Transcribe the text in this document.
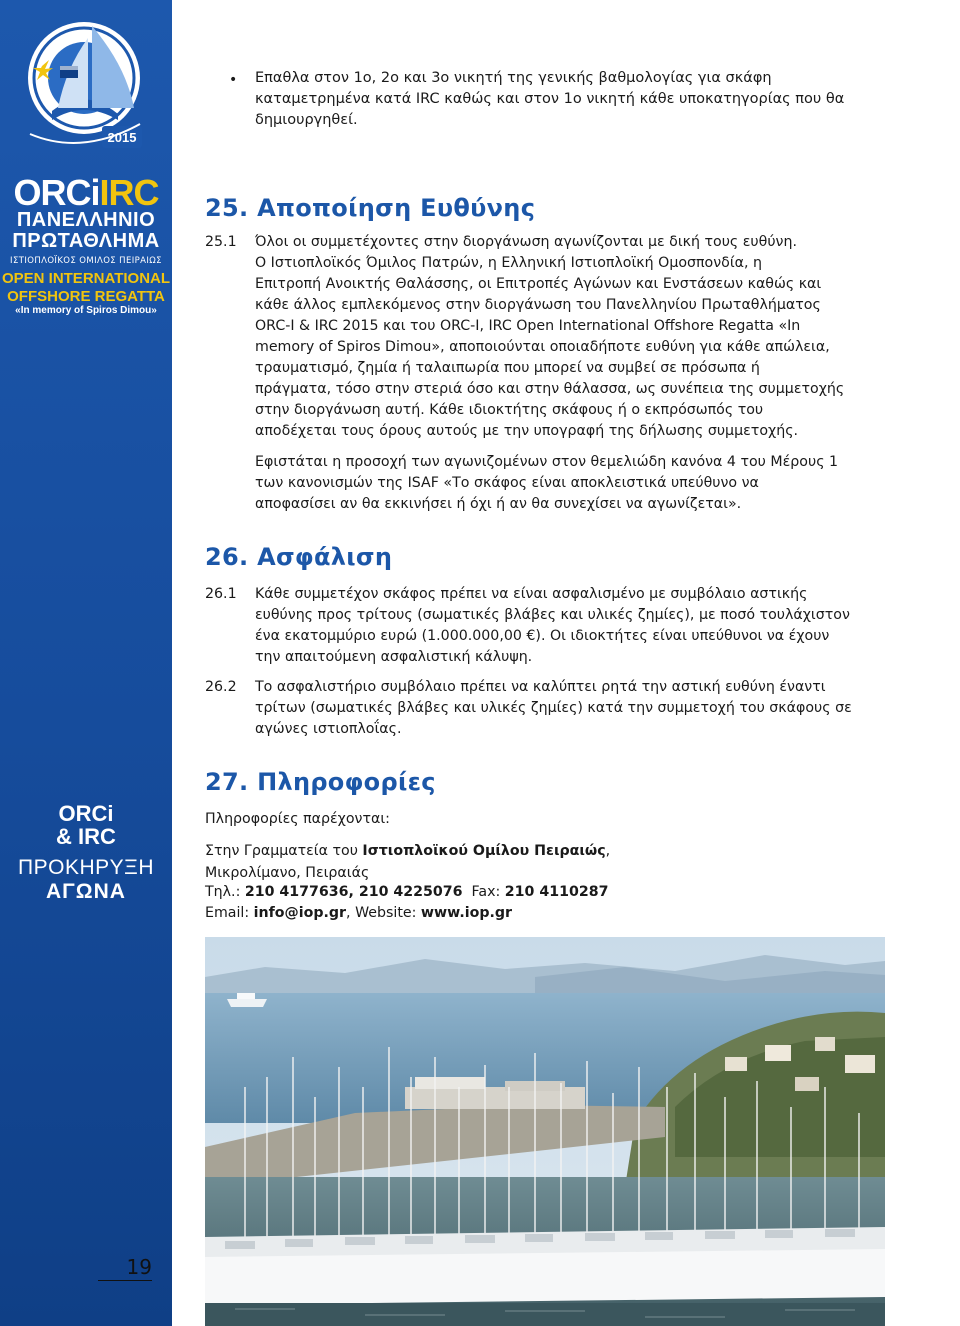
2015
ORCiIRC
ΠΑΝΕΛΛΗΝΙΟ
ΠΡΩΤΑΘΛΗΜΑ
ΙΣΤΙΟΠΛΟΪΚΟΣ ΟΜΙΛΟΣ ΠΕΙΡΑΙΩΣ
OPEN INTERNATIONAL
OFFSHORE REGATTA
«In memory of Spiros Dimou»
ORCi
& IRC
ΠΡΟΚΗΡΥΞΗ
ΑΓΩΝΑ
19
• Επαθλα στον 1ο, 2ο και 3ο νικητή της γενικής βαθμολογίας για σκάφη
καταμετρημένα κατά IRC καθώς και στον 1ο νικητή κάθε υποκατηγορίας που θα
δημιουργηθεί.
25. Αποποίηση Ευθύνης
25.1	Όλοι οι συμμετέχοντες στην διοργάνωση αγωνίζονται με δική τους ευθύνη.
Ο Ιστιοπλοϊκός Όμιλος Πατρών, η Ελληνική Ιστιοπλοϊκή Ομοσπονδία, η
Επιτροπή Ανοικτής Θαλάσσης, οι Επιτροπές Αγώνων και Ενστάσεων καθώς και
κάθε άλλος εμπλεκόμενος στην διοργάνωση του Πανελληνίου Πρωταθλήματος
ORC-I & IRC 2015 και του ORC-I, IRC Open International Offshore Regatta «In
memory of Spiros Dimou», αποποιούνται οποιαδήποτε ευθύνη για κάθε απώλεια,
τραυματισμό, ζημία ή ταλαιπωρία που μπορεί να συμβεί σε πρόσωπα ή
πράγματα, τόσο στην στεριά όσο και στην θάλασσα, ως συνέπεια της συμμετοχής
στην διοργάνωση αυτή. Κάθε ιδιοκτήτης σκάφους ή ο εκπρόσωπός του
αποδέχεται τους όρους αυτούς με την υπογραφή της δήλωσης συμμετοχής.
Εφιστάται η προσοχή των αγωνιζομένων στον θεμελιώδη κανόνα 4 του Μέρους 1
των κανονισμών της ISAF «Το σκάφος είναι αποκλειστικά υπεύθυνο να
αποφασίσει αν θα εκκινήσει ή όχι ή αν θα συνεχίσει να αγωνίζεται».
26. Ασφάλιση
26.1	Κάθε συμμετέχον σκάφος πρέπει να είναι ασφαλισμένο με συμβόλαιο αστικής
ευθύνης προς τρίτους (σωματικές βλάβες και υλικές ζημίες), με ποσό τουλάχιστον
ένα εκατομμύριο ευρώ (1.000.000,00 €). Οι ιδιοκτήτες είναι υπεύθυνοι να έχουν
την απαιτούμενη ασφαλιστική κάλυψη.
26.2	Το ασφαλιστήριο συμβόλαιο πρέπει να καλύπτει ρητά την αστική ευθύνη έναντι
τρίτων (σωματικές βλάβες και υλικές ζημίες) κατά την συμμετοχή του σκάφους σε
αγώνες ιστιοπλοΐας.
27. Πληροφορίες
Πληροφορίες παρέχονται:
Στην Γραμματεία του Ιστιοπλοϊκού Ομίλου Πειραιώς,
Μικρολίμανο, Πειραιάς
Τηλ.: 210 4177636, 210 4225076  Fax: 210 4110287
Email: info@iop.gr, Website: www.iop.gr
